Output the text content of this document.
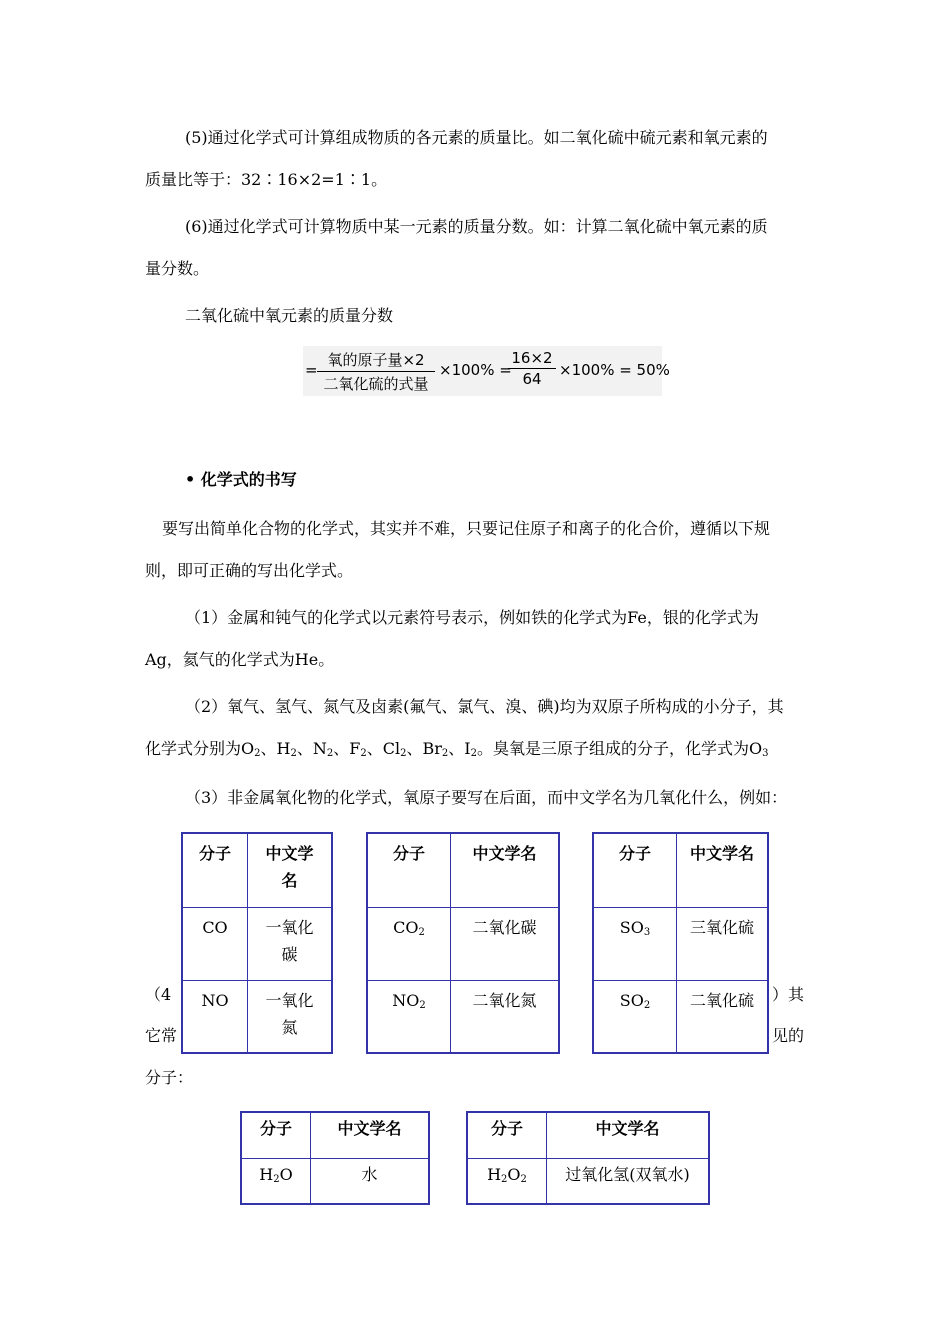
(5)通过化学式可计算组成物质的各元素的质量比。如二氧化硫中硫元素和氧元素的
质量比等于：32∶16×2=1∶1。
(6)通过化学式可计算物质中某一元素的质量分数。如：计算二氧化硫中氧元素的质
量分数。
二氧化硫中氧元素的质量分数
=
氧的原子量×2
二氧化硫的式量
×100% =
16×2
64	×100% = 50%
• 化学式的书写
要写出简单化合物的化学式，其实并不难，只要记住原子和离子的化合价，遵循以下规
则，即可正确的写出化学式。
（1）金属和钝气的化学式以元素符号表示，例如铁的化学式为Fe，银的化学式为
Ag，氦气的化学式为He。
（2）氧气、氢气、氮气及卤素(氟气、氯气、溴、碘)均为双原子所构成的小分子，其
化学式分别为$O_2$、$H_2$、$N_2$、$F_2$、$Cl_2$、$Br_2$、$I_2$。臭氧是三原子组成的分子，化学式为$O_3$
（3）非金属氧化物的化学式，氧原子要写在后面，而中文学名为几氧化什么，例如：
（4
它常
）其
见的
分子：
分子	中文学
名
CO	一氧化
碳
NO	一氧化
氮
分子	中文学名
$CO_2$	二氧化碳
$NO_2$	二氧化氮
分子	中文学名
$SO_3$	三氧化硫
$SO_2$	二氧化硫
分子	中文学名
$H_2O$	水
分子	中文学名
$H_2O_2$	过氧化氢(双氧水)
